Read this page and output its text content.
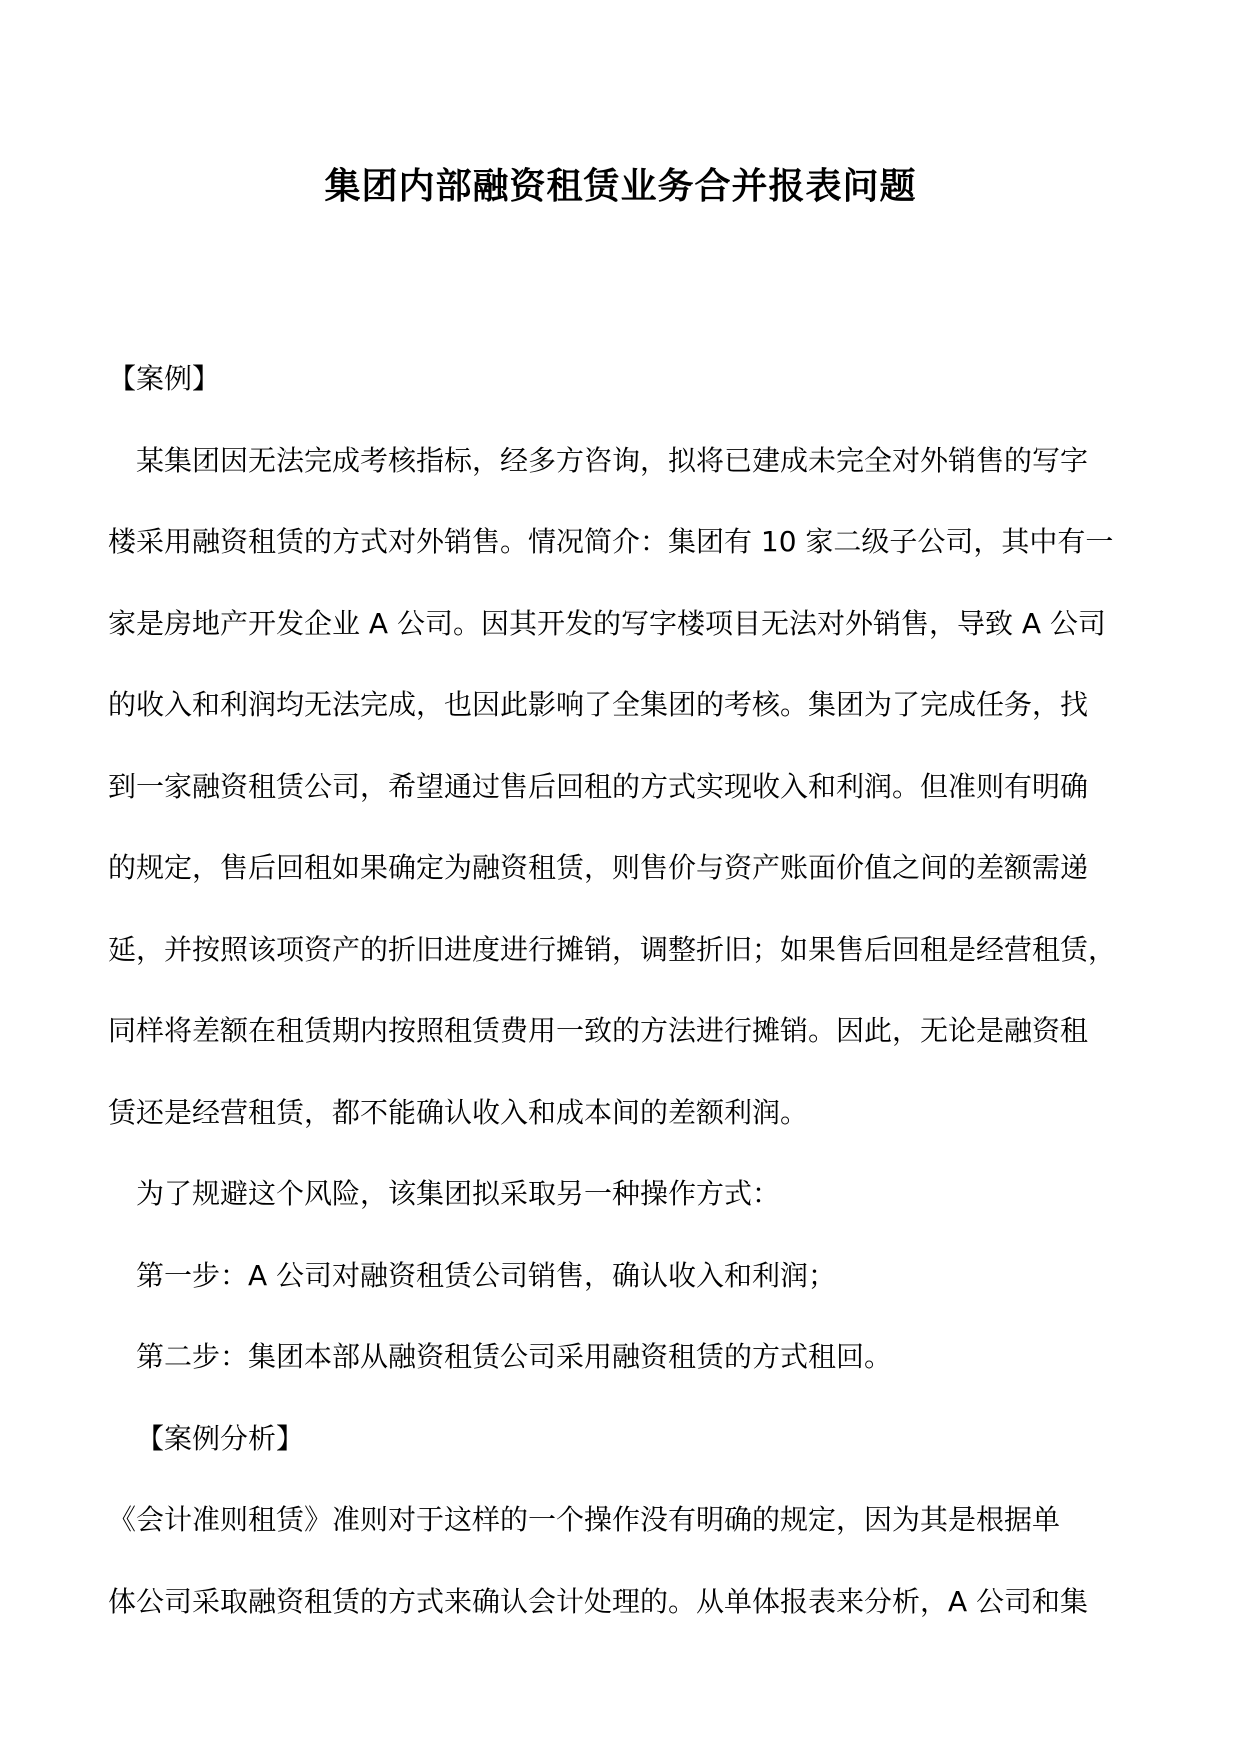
集团内部融资租赁业务合并报表问题

【案例】

某集团因无法完成考核指标，经多方咨询，拟将已建成未完全对外销售的写字

楼采用融资租赁的方式对外销售。情况简介：集团有 10 家二级子公司，其中有一

家是房地产开发企业 A 公司。因其开发的写字楼项目无法对外销售，导致 A 公司

的收入和利润均无法完成，也因此影响了全集团的考核。集团为了完成任务，找

到一家融资租赁公司，希望通过售后回租的方式实现收入和利润。但准则有明确

的规定，售后回租如果确定为融资租赁，则售价与资产账面价值之间的差额需递

延，并按照该项资产的折旧进度进行摊销，调整折旧；如果售后回租是经营租赁，

同样将差额在租赁期内按照租赁费用一致的方法进行摊销。因此，无论是融资租

赁还是经营租赁，都不能确认收入和成本间的差额利润。

为了规避这个风险，该集团拟采取另一种操作方式：

第一步：A 公司对融资租赁公司销售，确认收入和利润；

第二步：集团本部从融资租赁公司采用融资租赁的方式租回。

【案例分析】

《会计准则租赁》准则对于这样的一个操作没有明确的规定，因为其是根据单

体公司采取融资租赁的方式来确认会计处理的。从单体报表来分析，A 公司和集
